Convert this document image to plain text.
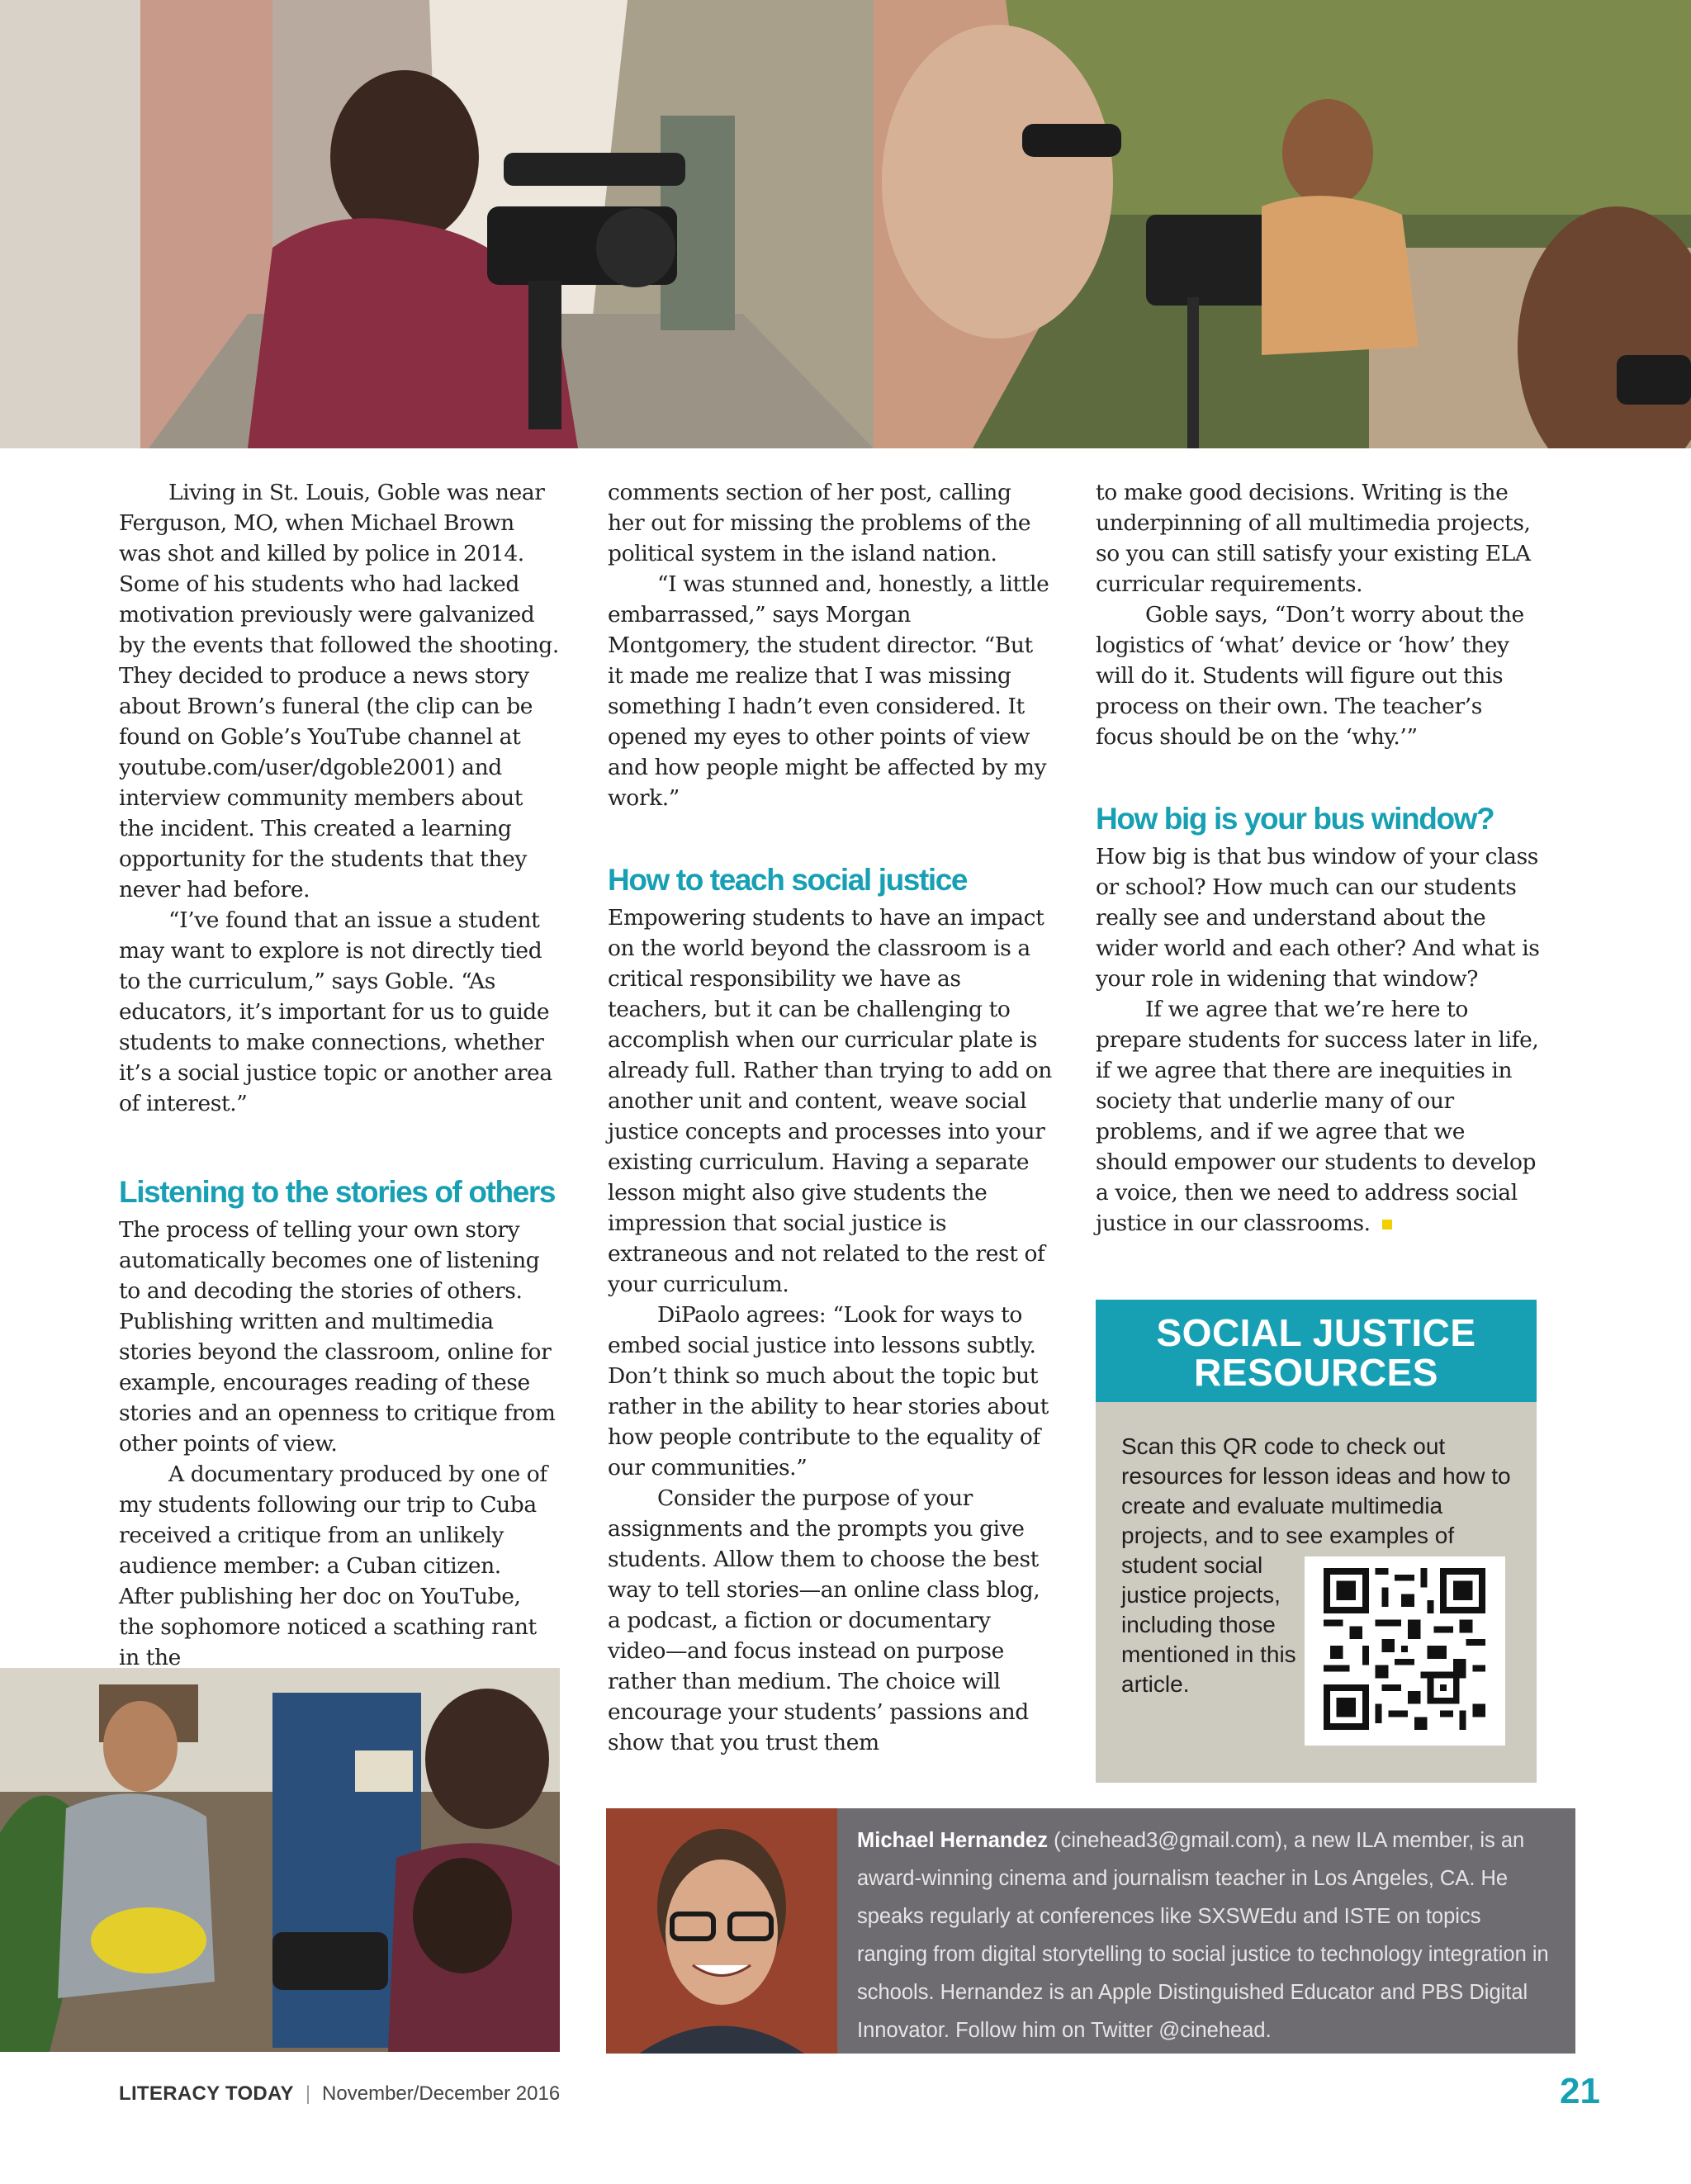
Living in St. Louis, Goble was near Ferguson, MO, when Michael Brown was shot and killed by police in 2014. Some of his students who had lacked motivation previously were galvanized by the events that followed the shooting. They decided to produce a news story about Brown’s funeral (the clip can be found on Goble’s YouTube channel at youtube.com/user/dgoble2001) and interview community members about the incident. This created a learning opportunity for the students that they never had before.

“I’ve found that an issue a student may want to explore is not directly tied to the curriculum,” says Goble. “As educators, it’s important for us to guide students to make connections, whether it’s a social justice topic or another area of interest.”

Listening to the stories of others

The process of telling your own story automatically becomes one of listening to and decoding the stories of others. Publishing written and multimedia stories beyond the classroom, online for example, encourages reading of these stories and an openness to critique from other points of view.

A documentary produced by one of my students following our trip to Cuba received a critique from an unlikely audience member: a Cuban citizen. After publishing her doc on YouTube, the sophomore noticed a scathing rant in the

comments section of her post, calling her out for missing the problems of the political system in the island nation.

“I was stunned and, honestly, a little embarrassed,” says Morgan Montgomery, the student director. “But it made me realize that I was missing something I hadn’t even considered. It opened my eyes to other points of view and how people might be affected by my work.”

How to teach social justice

Empowering students to have an impact on the world beyond the classroom is a critical responsibility we have as teachers, but it can be challenging to accomplish when our curricular plate is already full. Rather than trying to add on another unit and content, weave social justice concepts and processes into your existing curriculum. Having a separate lesson might also give students the impression that social justice is extraneous and not related to the rest of your curriculum.

DiPaolo agrees: “Look for ways to embed social justice into lessons subtly. Don’t think so much about the topic but rather in the ability to hear stories about how people contribute to the equality of our communities.”

Consider the purpose of your assignments and the prompts you give students. Allow them to choose the best way to tell stories—an online class blog, a podcast, a fiction or documentary video—and focus instead on purpose rather than medium. The choice will encourage your students’ passions and show that you trust them

to make good decisions. Writing is the underpinning of all multimedia projects, so you can still satisfy your existing ELA curricular requirements.

Goble says, “Don’t worry about the logistics of ‘what’ device or ‘how’ they will do it. Students will figure out this process on their own. The teacher’s focus should be on the ‘why.’”

How big is your bus window?

How big is that bus window of your class or school? How much can our students really see and understand about the wider world and each other? And what is your role in widening that window?

If we agree that we’re here to prepare students for success later in life, if we agree that there are inequities in society that underlie many of our problems, and if we agree that we should empower our students to develop a voice, then we need to address social justice in our classrooms.

SOCIAL JUSTICE
RESOURCES
Scan this QR code to check out resources for lesson ideas and how to create and evaluate multimedia projects, and to see examples of student social justice projects, including those mentioned in this article.
Michael Hernandez (cinehead3@gmail.com), a new ILA member, is an award-winning cinema and journalism teacher in Los Angeles, CA. He speaks regularly at conferences like SXSWEdu and ISTE on topics ranging from digital storytelling to social justice to technology integration in schools. Hernandez is an Apple Distinguished Educator and PBS Digital Innovator. Follow him on Twitter @cinehead.
LITERACY TODAY | November/December 2016	21
